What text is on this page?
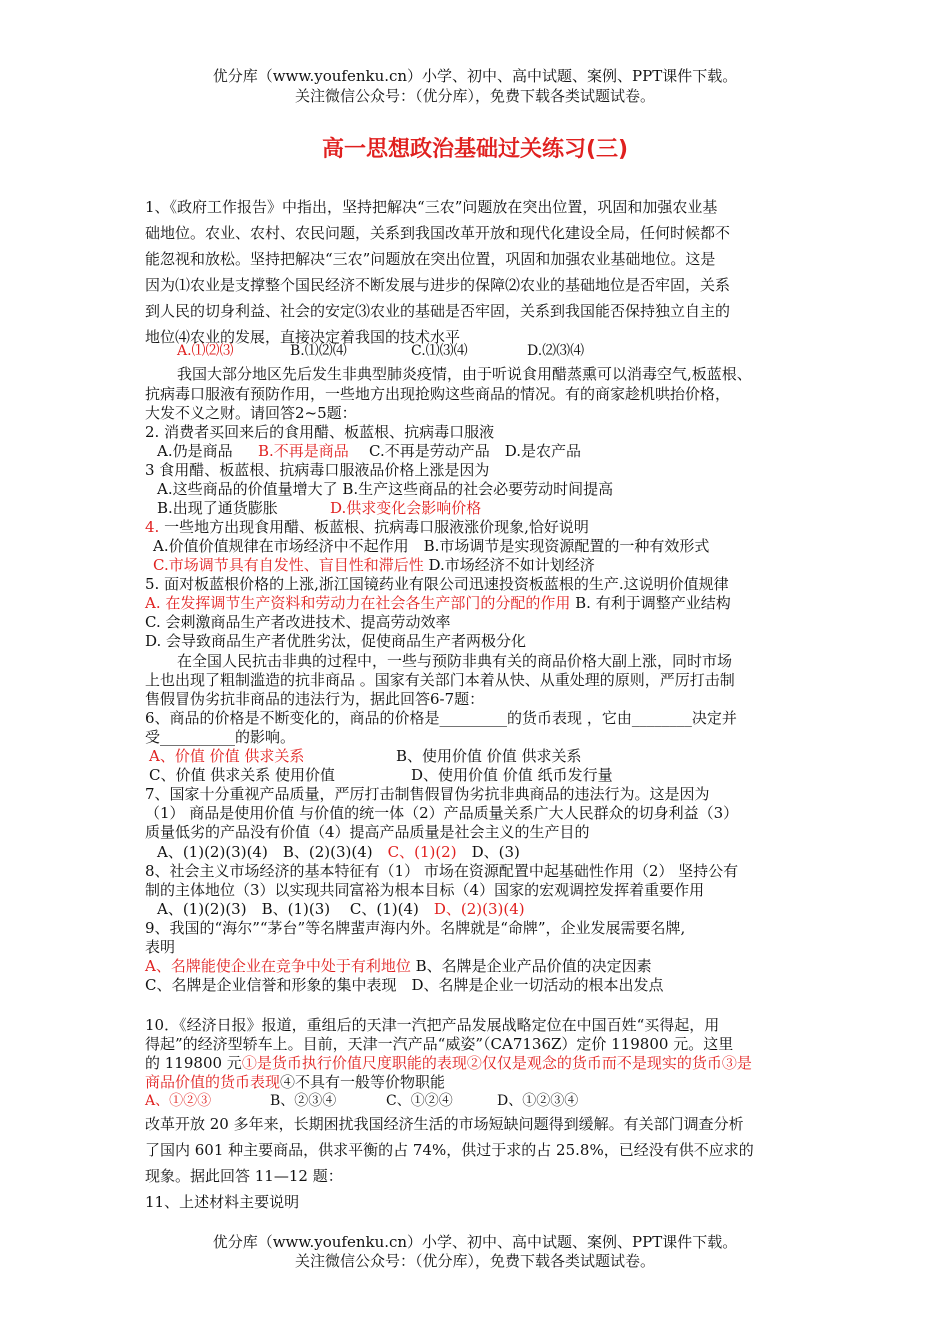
优分库（www.youfenku.cn）小学、初中、高中试题、案例、PPT课件下载。
关注微信公众号：（优分库），免费下载各类试题试卷。
高一思想政治基础过关练习(三)
1、《政府工作报告》中指出，坚持把解决“三农”问题放在突出位置，巩固和加强农业基
础地位。农业、农村、农民问题，关系到我国改革开放和现代化建设全局，任何时候都不
能忽视和放松。坚持把解决“三农”问题放在突出位置，巩固和加强农业基础地位。这是
因为⑴农业是支撑整个国民经济不断发展与进步的保障⑵农业的基础地位是否牢固，关系
到人民的切身利益、社会的安定⑶农业的基础是否牢固，关系到我国能否保持独立自主的
地位⑷农业的发展，直接决定着我国的技术水平
A.⑴⑵⑶	B.⑴⑵⑷	C.⑴⑶⑷	D.⑵⑶⑷
我国大部分地区先后发生非典型肺炎疫情，由于听说食用醋蒸熏可以消毒空气,板蓝根、
抗病毒口服液有预防作用，一些地方出现抢购这些商品的情况。有的商家趁机哄抬价格，
大发不义之财。请回答2~5题：
2. 消费者买回来后的食用醋、板蓝根、抗病毒口服液
A.仍是商品 B.不再是商品 C.不再是劳动产品　D.是农产品
3 食用醋、板蓝根、抗病毒口服液品价格上涨是因为
A.这些商品的价值量增大了 B.生产这些商品的社会必要劳动时间提高
B.出现了通货膨胀	D.供求变化会影响价格
4. 一些地方出现食用醋、板蓝根、抗病毒口服液涨价现象,恰好说明
A.价值价值规律在市场经济中不起作用　B.市场调节是实现资源配置的一种有效形式
C.市场调节具有自发性、盲目性和滞后性 D.市场经济不如计划经济
5. 面对板蓝根价格的上涨,浙江国镜药业有限公司迅速投资板蓝根的生产.这说明价值规律
A. 在发挥调节生产资料和劳动力在社会各生产部门的分配的作用 B. 有利于调整产业结构
C. 会刺激商品生产者改进技术、提高劳动效率
D. 会导致商品生产者优胜劣汰，促使商品生产者两极分化
在全国人民抗击非典的过程中，一些与预防非典有关的商品价格大副上涨，同时市场
上也出现了粗制滥造的抗非商品 。国家有关部门本着从快、从重处理的原则，严厉打击制
售假冒伪劣抗非商品的违法行为，据此回答6-7题：
6、商品的价格是不断变化的，商品的价格是_________的货币表现 ，它由________决定并
受__________的影响。
A、价值 价值 供求关系	B、使用价值 价值 供求关系
C、价值 供求关系 使用价值	D、使用价值 价值 纸币发行量
7、国家十分重视产品质量，严厉打击制售假冒伪劣抗非典商品的违法行为。这是因为
（1） 商品是使用价值 与价值的统一体（2）产品质量关系广大人民群众的切身利益（3）
质量低劣的产品没有价值（4）提高产品质量是社会主义的生产目的
A、(1)(2)(3)(4)　B、(2)(3)(4)　 C、(1)(2)　 D、(3)
8、社会主义市场经济的基本特征有（1） 市场在资源配置中起基础性作用（2） 坚持公有
制的主体地位（3）以实现共同富裕为根本目标（4）国家的宏观调控发挥着重要作用
A、(1)(2)(3)　B、(1)(3)　 C、(1)(4)　 D、(2)(3)(4)
9、我国的“海尔”“茅台”等名牌蜚声海内外。名牌就是“命牌”，企业发展需要名牌,
表明
A、名牌能使企业在竞争中处于有利地位 B、名牌是企业产品价值的决定因素
C、名牌是企业信誉和形象的集中表现　D、名牌是企业一切活动的根本出发点
10．《经济日报》报道，重组后的天津一汽把产品发展战略定位在中国百姓“买得起，用
得起”的经济型轿车上。目前，天津一汽产品“威姿”（CA7136Z）定价 119800 元。这里
的 119800 元①是货币执行价值尺度职能的表现②仅仅是观念的货币而不是现实的货币③是
商品价值的货币表现④不具有一般等价物职能
A、①②③	B、②③④	C、①②④	D、①②③④
改革开放 20 多年来，长期困扰我国经济生活的市场短缺问题得到缓解。有关部门调查分析
了国内 601 种主要商品，供求平衡的占 74%，供过于求的占 25.8%，已经没有供不应求的
现象。据此回答 11—12 题：
11、上述材料主要说明
优分库（www.youfenku.cn）小学、初中、高中试题、案例、PPT课件下载。
关注微信公众号：（优分库），免费下载各类试题试卷。
